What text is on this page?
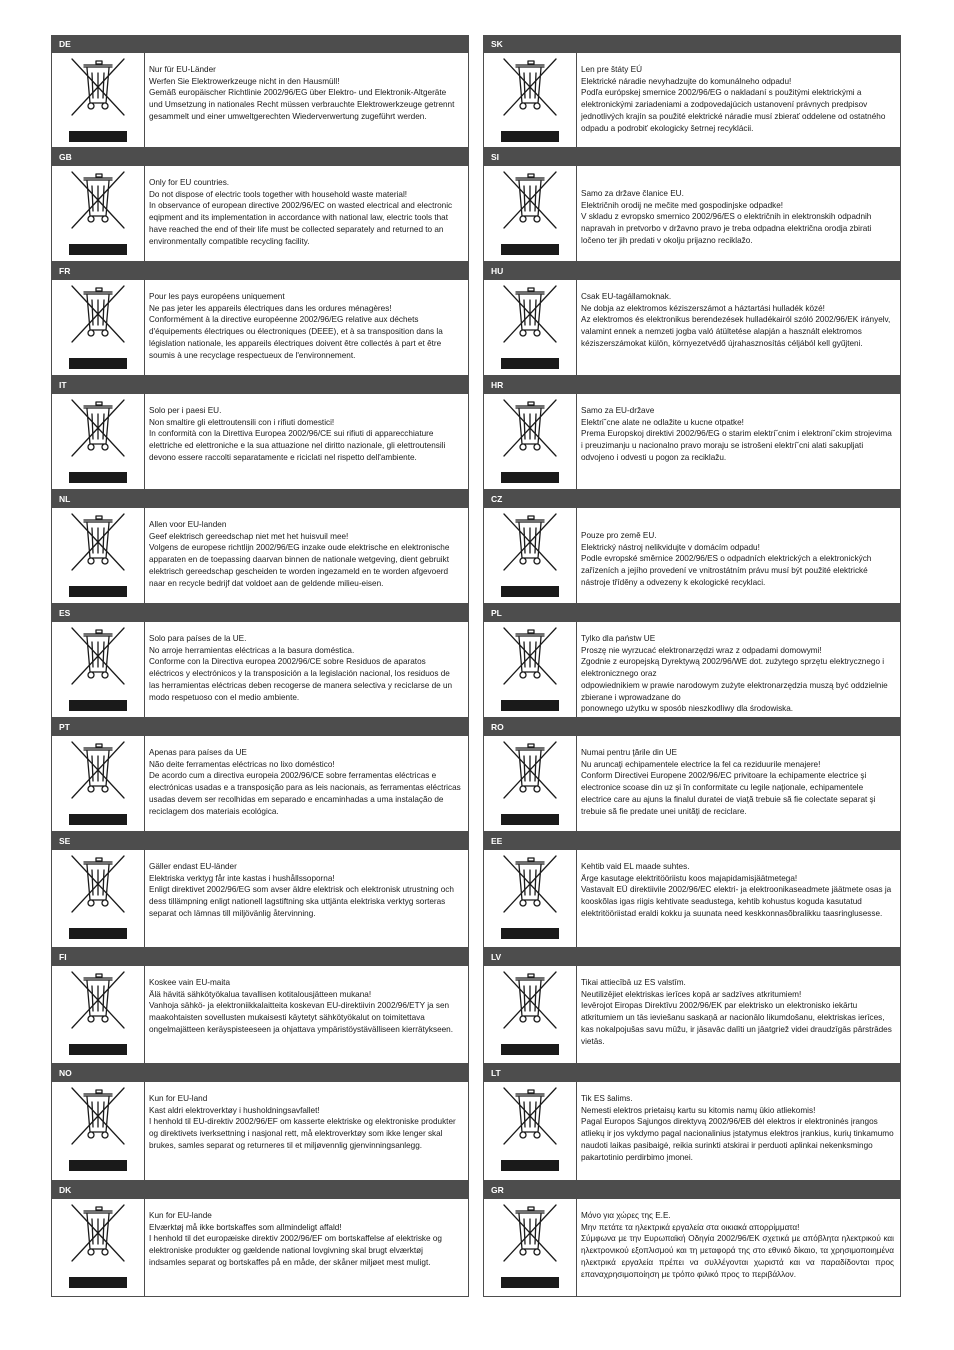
DE
Nur für EU-Länder
Werfen Sie Elektrowerkzeuge nicht in den Hausmüll!
Gemäß europäischer Richtlinie 2002/96/EG über Elektro- und Elektronik-Altgeräte und Umsetzung in nationales Recht müssen verbrauchte Elektrowerkzeuge getrennt gesammelt und einer umweltgerechten Wiederverwertung zugeführt werden.
GB
Only for EU countries.
Do not dispose of electric tools together with household waste material!
In observance of european directive 2002/96/EC on wasted electrical and electronic eqipment and its implementation in accordance with national law, electric tools that have reached the end of their life must be collected separately and returned to an environmentally compatible recycling facility.
FR
Pour les pays européens uniquement
Ne pas jeter les appareils électriques dans les ordures ménagères!
Conformément à la directive européenne 2002/96/EG relative aux déchets d'équipements électriques ou électroniques (DEEE), et à sa transposition dans la législation nationale, les appareils électriques doivent être collectés à part et être soumis à une recyclage respectueux de l'environnement.
IT
Solo per i paesi EU.
Non smaltire gli elettroutensili con i rifiuti domestici!
In conformità con la Direttiva Europea 2002/96/CE sui rifiuti di apparecchiature elettriche ed elettroniche e la sua attuazione nel diritto nazionale, gli elettroutensili devono essere raccolti separatamente e riciclati nel rispetto dell'ambiente.
NL
Allen voor EU-landen
Geef elektrisch gereedschap niet met het huisvuil mee!
Volgens de europese richtlijn 2002/96/EG inzake oude elektrische en elektronische apparaten en de toepassing daarvan binnen de nationale wetgeving, dient gebruikt elektrisch gereedschap gescheiden te worden ingezameld en te worden afgevoerd naar en recycle bedrijf dat voldoet aan de geldende milieu-eisen.
ES
Solo para países de la UE.
No arroje herramientas eléctricas a la basura doméstica.
Conforme con la Directiva europea 2002/96/CE sobre Residuos de aparatos eléctricos y electrónicos y la transposición a la legislación nacional, los residuos de las herramientas eléctricas deben recogerse de manera selectiva y reciclarse de un modo respetuoso con el medio ambiente.
PT
Apenas para países da UE
Não deite ferramentas eléctricas no lixo doméstico!
De acordo cum a directiva europeia 2002/96/CE sobre ferramentas eléctricas e electrónicas usadas e a transposição para as leis nacionais, as ferramentas eléctricas usadas devem ser recolhidas em separado e encaminhadas a uma instalação de reciclagem dos materiais ecológica.
SE
Gäller endast EU-länder
Elektriska verktyg får inte kastas i hushållssoporna!
Enligt direktivet 2002/96/EG som avser äldre elektrisk och elektronisk utrustning och dess tillämpning enligt nationell lagstiftning ska uttjänta elektriska verktyg sorteras separat och lämnas till miljövänlig återvinning.
FI
Koskee vain EU-maita
Älä hävitä sähkötyökalua tavallisen kotitalousjätteen mukana!
Vanhoja sähkö- ja elektroniikkalaitteita koskevan EU-direktiivin 2002/96/ETY ja sen maakohtaisten sovellusten mukaisesti käytetyt sähkötyökalut on toimitettava ongelmajätteen keräyspisteeseen ja ohjattava ympäristöystävälliseen kierrätykseen.
NO
Kun for EU-land
Kast aldri elektroverktøy i husholdningsavfallet!
I henhold til EU-direktiv 2002/96/EF om kasserte elektriske og elektroniske produkter og direktivets iverksettning i nasjonal rett, må elektroverktøy som ikke lenger skal brukes, samles separat og returneres til et miljøvennlig gjenvinningsanlegg.
DK
Kun for EU-lande
Elværktøj må ikke bortskaffes som allmindeligt affald!
I henhold til det europæiske direktiv 2002/96/EF om bortskaffelse af elektriske og elektroniske produkter og gældende national lovgivning skal brugt elværktøj indsamles separat og bortskaffes på en måde, der skåner miljøet mest muligt.
SK
Len pre štáty EÚ
Elektrické náradie nevyhadzujte do komunálneho odpadu!
Podľa európskej smernice 2002/96/EG o nakladaní s použitými elektrickými a elektronickými zariadeniami a zodpovedajúcich ustanovení právnych predpisov jednotlivých krajín sa použité elektrické náradie musí zbierať oddelene od ostatného odpadu a podrobiť ekologicky šetrnej recyklácii.
SI
Samo za države članice EU.
Električnih orodij ne mečite med gospodinjske odpadke!
V skladu z evropsko smernico 2002/96/ES o električnih in elektronskih odpadnih napravah in pretvorbo v državno pravo je treba odpadna električna orodja zbirati ločeno ter jih predati v okolju prijazno reciklažo.
HU
Csak EU-tagállamoknak.
Ne dobja az elektromos kéziszerszámot a háztartási hulladék közé!
Az elektromos és elektronikus berendezések hulladékairól szóló 2002/96/EK irányelv, valamint ennek a nemzeti jogba való átültetése alapján a használt elektromos kéziszerszámokat külön, környezetvédő újrahasznosítás céljából kell gyűjteni.
HR
Samo za EU-države
Elektri˘cne alate ne odlažite u kucne otpatke!
Prema Europskoj direktivi 2002/96/EG o starim elektri˘cnim i elektroni˘ckim strojevima i preuzimanju u nacionalno pravo moraju se istrošeni elektri˘cni alati sakupljati odvojeno i odvesti u pogon za reciklažu.
CZ
Pouze pro země EU.
Elektrický nástroj nelikvidujte v domácím odpadu!
Podle evropské směrnice 2002/96/ES o odpadních elektrických a elektronických zařízeních a jejího provedení ve vnitrostátním právu musí být použité elektrické nástroje tříděny a odvezeny k ekologické recyklaci.
PL
Tylko dla państw UE
Proszę nie wyrzucać elektronarzędzi wraz z odpadami domowymi!
Zgodnie z europejską Dyrektywą 2002/96/WE dot. zużytego sprzętu elektrycznego i elektronicznego oraz
odpowiednikiem w prawie narodowym zużyte elektronarzędzia muszą być oddzielnie zbierane i wprowadzane do
ponownego użytku w sposób nieszkodliwy dla środowiska.
RO
Numai pentru ţările din UE
Nu aruncaţi echipamentele electrice la fel ca reziduurile menajere!
Conform Directivei Europene 2002/96/EC privitoare la echipamente electrice şi electronice scoase din uz şi în conformitate cu legile naţionale, echipamentele electrice care au ajuns la finalul duratei de viaţă trebuie să fie colectate separat şi trebuie să fie predate unei unităţi de reciclare.
EE
Kehtib vaid EL maade suhtes.
Ärge kasutage elektritööriistu koos majapidamisjäätmetega!
Vastavalt EÜ direktiivile 2002/96/EC elektri- ja elektroonikaseadmete jäätmete osas ja kooskõlas igas riigis kehtivate seadustega, kehtib kohustus koguda kasutatud elektritööriistad eraldi kokku ja suunata need keskkonnasõbralikku taasringlusesse.
LV
Tikai attiecībā uz ES valstīm.
Neutilizējiet elektriskas ierīces kopā ar sadzīves atkritumiem!
Ievērojot Eiropas Direktīvu 2002/96/EK par elektrisko un elektronisko iekārtu atkritumiem un tās ieviešanu saskaņā ar nacionālo likumdošanu, elektriskas ierīces, kas nokalpojušas savu mūžu, ir jāsavāc dalīti un jāatgriež videi draudzīgās pārstrādes vietās.
LT
Tik ES šalims.
Nemesti elektros prietaisų kartu su kitomis namų ūkio atliekomis!
Pagal Europos Sąjungos direktyvą 2002/96/EB dėl elektros ir elektroninės įrangos atliekų ir jos vykdymo pagal nacionalinius įstatymus elektros įrankius, kurių tinkamumo naudoti laikas pasibaigė, reikia surinkti atskirai ir perduoti aplinkai nekenksmingo pakartotinio perdirbimo įmonei.
GR
Μόνο για χώρες της Ε.Ε.
Μην πετάτε τα ηλεκτρικά εργαλεία στα οικιακά απορρίμματα!
Σύμφωνα με την Ευρωπαϊκή Οδηγία 2002/96/ΕΚ σχετικά με απόβλητα ηλεκτρικού και ηλεκτρονικού εξοπλισμού και τη μεταφορά της στο εθνικό δίκαιο, τα χρησιμοποιημένα ηλεκτρικά εργαλεία πρέπει να συλλέγονται χωριστά και να παραδίδονται προς επαναχρησιμοποίηση με τρόπο φιλικό προς το περιβάλλον.
